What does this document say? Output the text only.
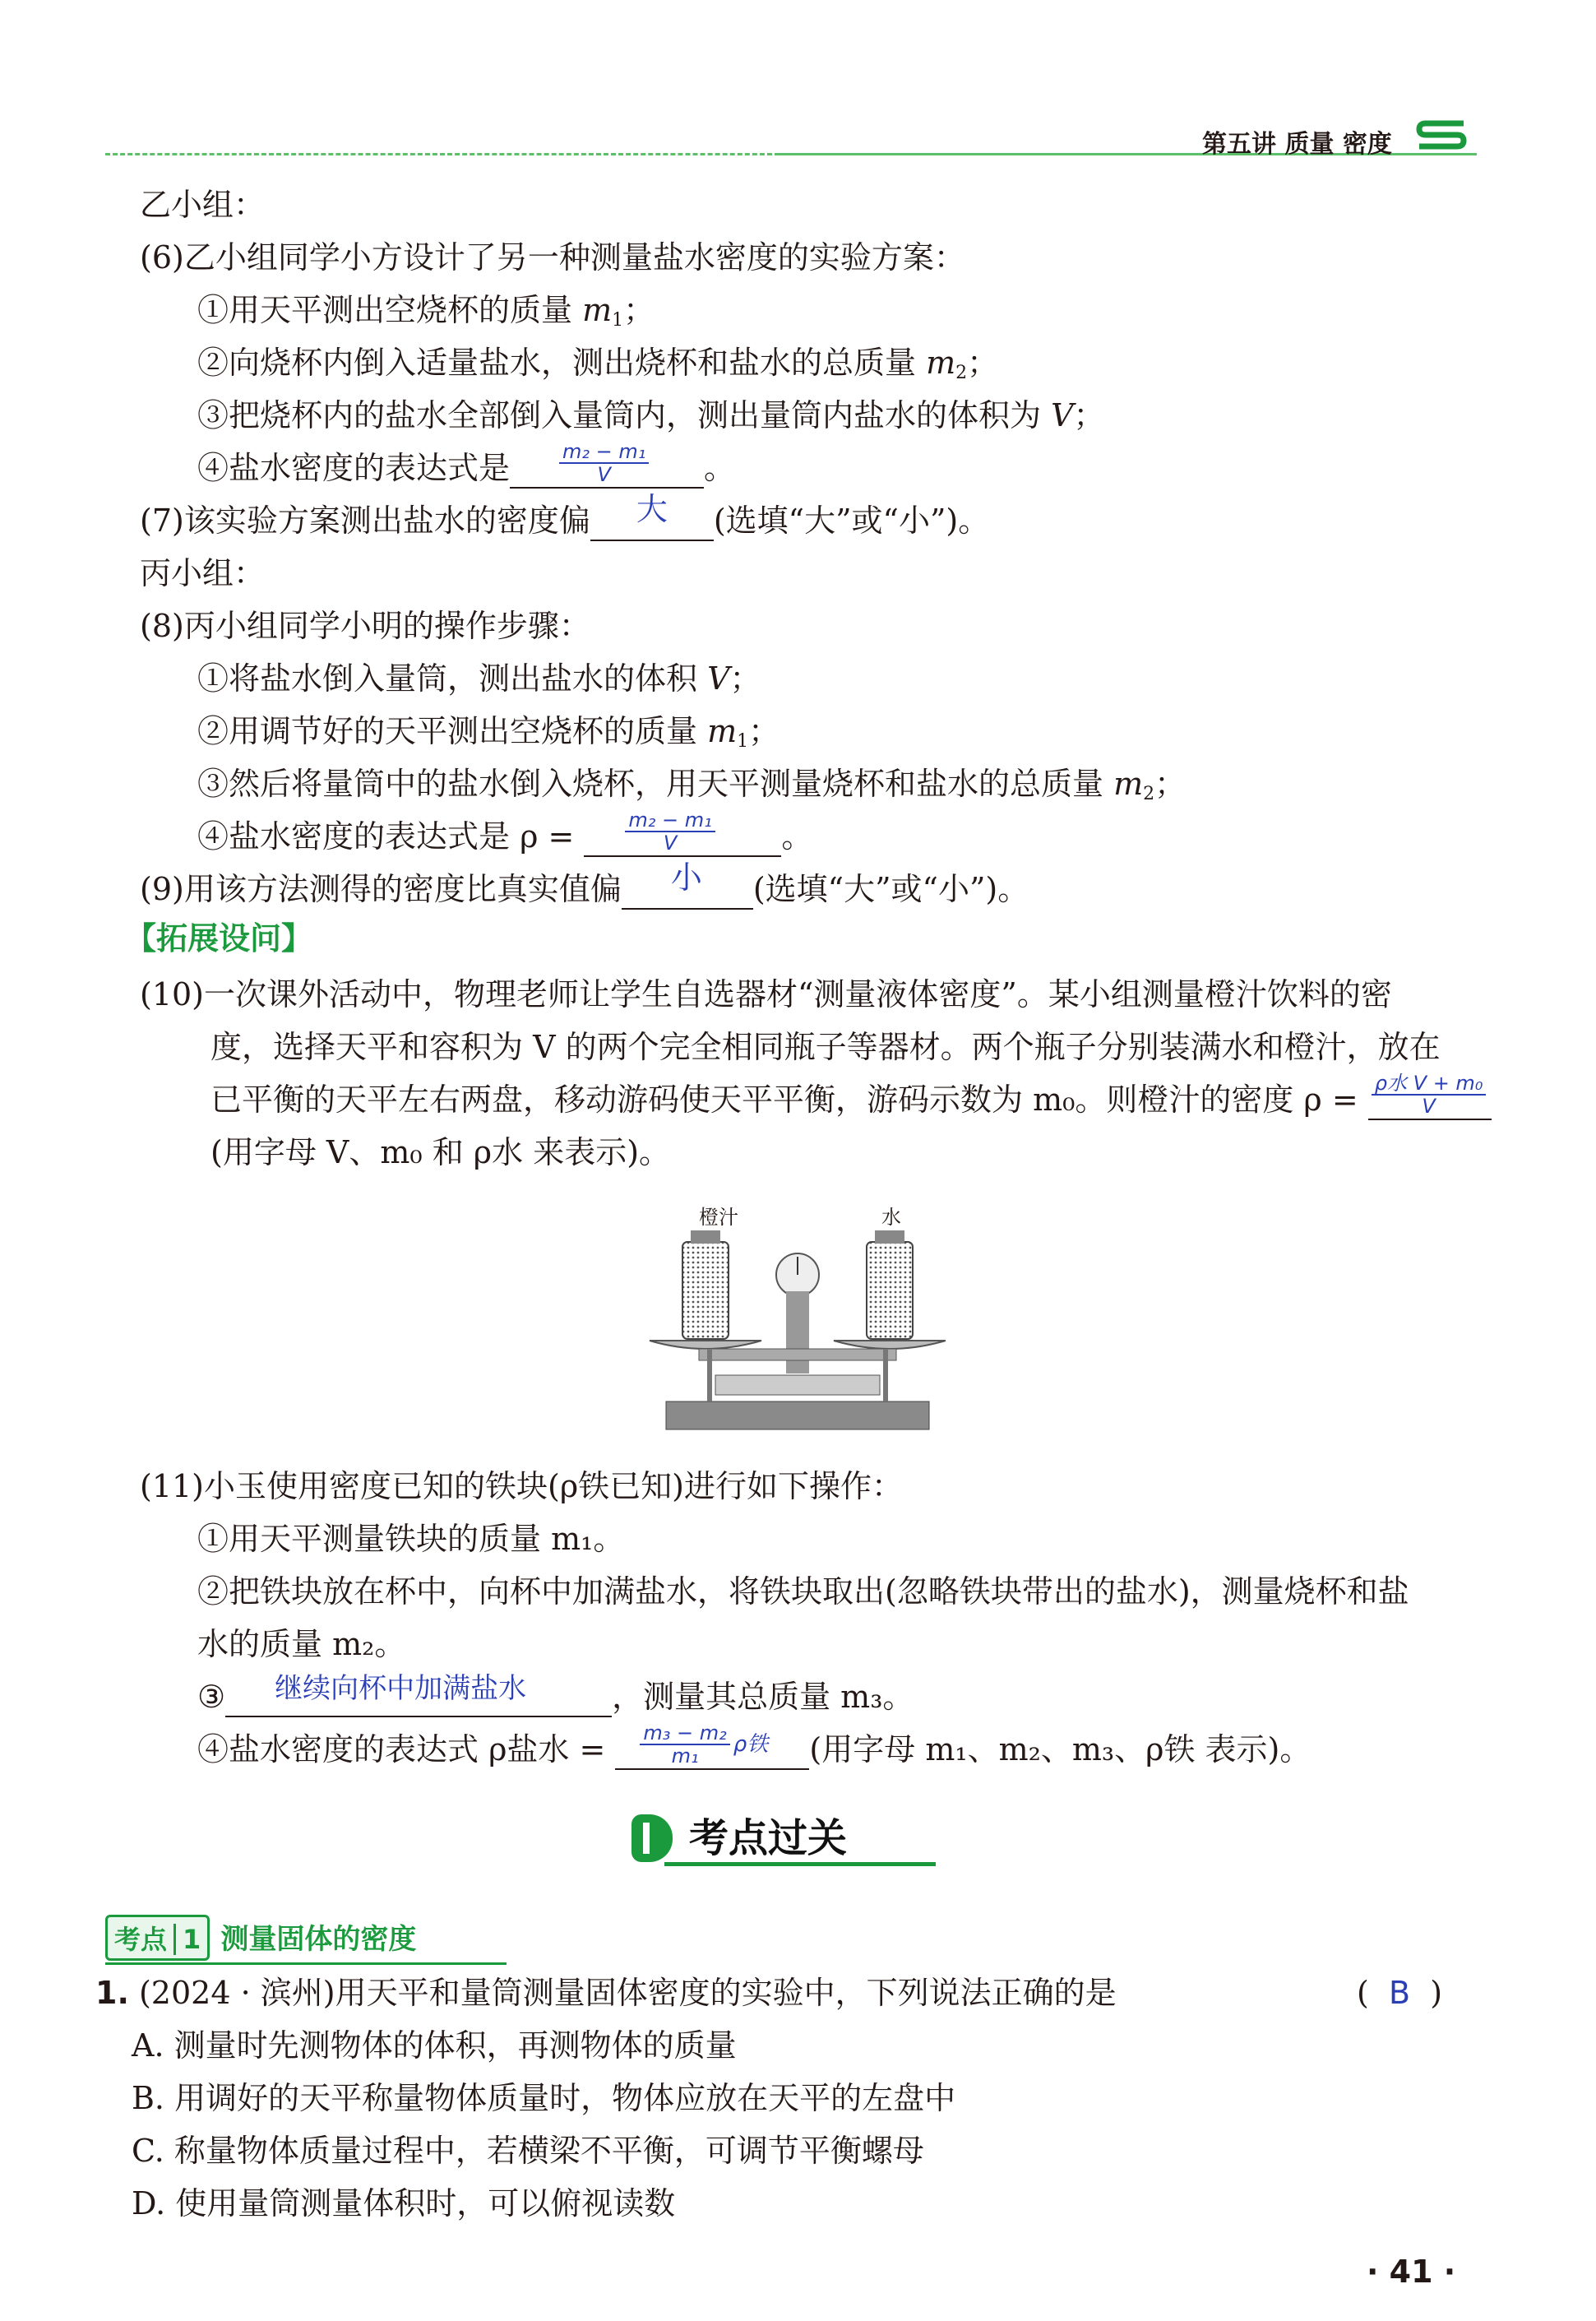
第五讲 质量 密度
乙小组：
(6)乙小组同学小方设计了另一种测量盐水密度的实验方案：
①用天平测出空烧杯的质量 $m_1$；
②向烧杯内倒入适量盐水，测出烧杯和盐水的总质量 $m_2$；
③把烧杯内的盐水全部倒入量筒内，测出量筒内盐水的体积为 V；
④盐水密度的表达式是	$\frac{\text{m₂ − m₁}}{V}$ 。
(7)该实验方案测出盐水的密度偏 大 (选填“大”或“小”)。
丙小组：
(8)丙小组同学小明的操作步骤：
①将盐水倒入量筒，测出盐水的体积 V；
②用调节好的天平测出空烧杯的质量 $m_1$；
③然后将量筒中的盐水倒入烧杯，用天平测量烧杯和盐水的总质量 $m_2$；
④盐水密度的表达式是 $\rho = \frac{\text{m₂ − m₁}}{V}$ 。
(9)用该方法测得的密度比真实值偏 小 (选填“大”或“小”)。
【拓展设问】
(10)一次课外活动中，物理老师让学生自选器材“测量液体密度”。某小组测量橙汁饮料的密
度，选择天平和容积为 V 的两个完全相同瓶子等器材。两个瓶子分别装满水和橙汁，放在
已平衡的天平左右两盘，移动游码使天平平衡，游码示数为 m₀。则橙汁的密度 ρ = ρ水 V + m₀
V

(用字母 V、m₀ 和 ρ水 来表示)。
橙汁	水
(11)小玉使用密度已知的铁块(ρ铁已知)进行如下操作：
①用天平测量铁块的质量 m₁。
②把铁块放在杯中，向杯中加满盐水，将铁块取出(忽略铁块带出的盐水)，测量烧杯和盐
水的质量 m₂。
③ 继续向杯中加满盐水	，测量其总质量 m₃。
④盐水密度的表达式 ρ盐水 = $\frac{\text{m₃ − m₂}}{\text{m₁}}$ ρ铁 (用字母 m₁、m₂、m₃、ρ铁 表示)。
考点过关
考点 1 测量固体的密度
1. (2024 · 滨州)用天平和量筒测量固体密度的实验中，下列说法正确的是	(  B  )
A. 测量时先测物体的体积，再测物体的质量
B. 用调好的天平称量物体质量时，物体应放在天平的左盘中
C. 称量物体质量过程中，若横梁不平衡，可调节平衡螺母
D. 使用量筒测量体积时，可以俯视读数
· 41 ·
